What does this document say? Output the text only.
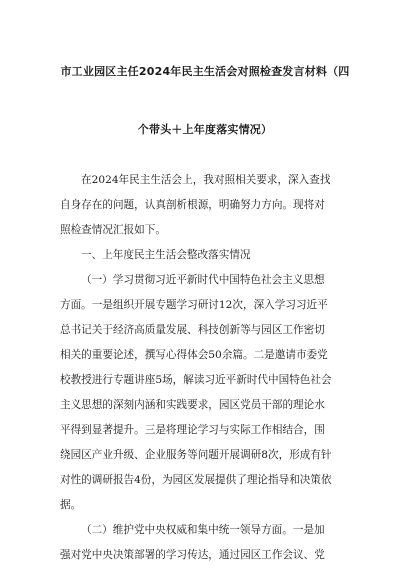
市工业园区主任2024年民主生活会对照检查发言材料（四
个带头＋上年度落实情况）
在2024年民主生活会上，我对照相关要求，深入查找
自身存在的问题，认真剖析根源，明确努力方向。现将对
照检查情况汇报如下。
一、上年度民主生活会整改落实情况
（一）学习贯彻习近平新时代中国特色社会主义思想
方面。一是组织开展专题学习研讨12次，深入学习习近平
总书记关于经济高质量发展、科技创新等与园区工作密切
相关的重要论述，撰写心得体会50余篇。二是邀请市委党
校教授进行专题讲座5场，解读习近平新时代中国特色社会
主义思想的深刻内涵和实践要求，园区党员干部的理论水
平得到显著提升。三是将理论学习与实际工作相结合，围
绕园区产业升级、企业服务等问题开展调研8次，形成有针
对性的调研报告4份，为园区发展提供了理论指导和决策依
据。
（二）维护党中央权威和集中统一领导方面。一是加
强对党中央决策部署的学习传达，通过园区工作会议、党
